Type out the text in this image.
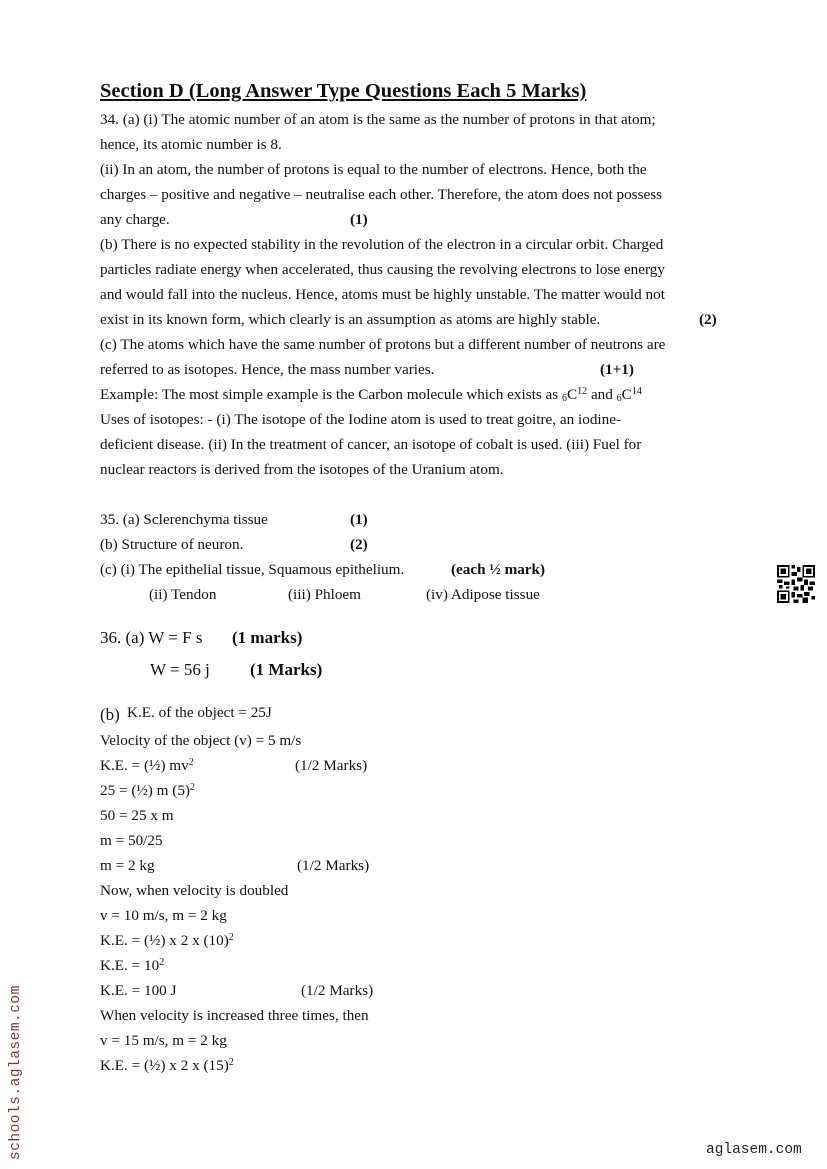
Section D (Long Answer Type Questions Each 5 Marks)
34. (a) (i) The atomic number of an atom is the same as the number of protons in that atom;
hence, its atomic number is 8.
(ii) In an atom, the number of protons is equal to the number of electrons. Hence, both the
charges – positive and negative – neutralise each other. Therefore, the atom does not possess
any charge.	(1)
(b) There is no expected stability in the revolution of the electron in a circular orbit. Charged
particles radiate energy when accelerated, thus causing the revolving electrons to lose energy
and would fall into the nucleus. Hence, atoms must be highly unstable. The matter would not
exist in its known form, which clearly is an assumption as atoms are highly stable.	(2)
(c) The atoms which have the same number of protons but a different number of neutrons are
referred to as isotopes. Hence, the mass number varies.	(1+1)
Example: The most simple example is the Carbon molecule which exists as $_6C^{12}$ and $_6C^{14}$
Uses of isotopes: - (i) The isotope of the Iodine atom is used to treat goitre, an iodine-
deficient disease. (ii) In the treatment of cancer, an isotope of cobalt is used. (iii) Fuel for
nuclear reactors is derived from the isotopes of the Uranium atom.
35. (a) Sclerenchyma tissue	(1)
(b) Structure of neuron.	(2)
(c) (i) The epithelial tissue, Squamous epithelium.	(each ½ mark)
(ii) Tendon	(iii) Phloem	(iv) Adipose tissue
36. (a) W = F s (1 marks)
W = 56 j (1 Marks)
(b) K.E. of the object = 25J
Velocity of the object (v) = 5 m/s
K.E. = (½) $mv^2$	(1/2 Marks)
25 = (½) m $(5)^2$
50 = 25 x m
m = 50/25
m = 2 kg	(1/2 Marks)
Now, when velocity is doubled
v = 10 m/s, m = 2 kg
K.E. = (½) x 2 x $(10)^2$
K.E. = $10^2$
K.E. = 100 J	(1/2 Marks)
When velocity is increased three times, then
v = 15 m/s, m = 2 kg
K.E. = (½) x 2 x $(15)^2$
schools.aglasem.com	aglasem.com
